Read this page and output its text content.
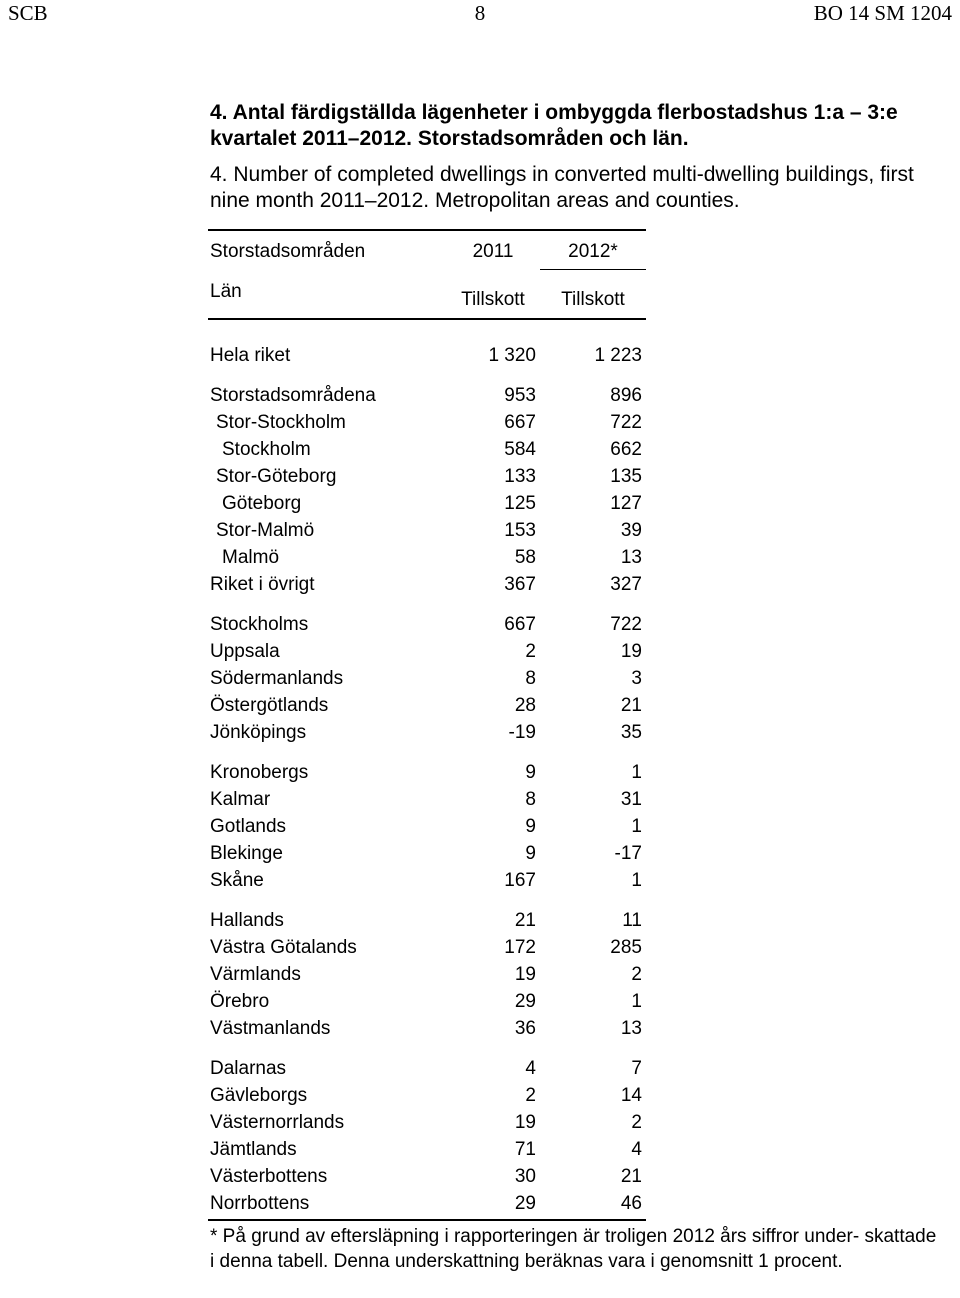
8
SCB	BO 14 SM 1204
4. Antal färdigställda lägenheter i ombyggda flerbostadshus 1:a – 3:e kvartalet 2011–2012. Storstadsområden och län.
4. Number of completed dwellings in converted multi-dwelling buildings, first nine month 2011–2012. Metropolitan areas and counties.
Storstadsområden	2011	2012*
Län	Tillskott	Tillskott
Hela riket	1 320	1 223
Storstadsområdena	953	896
Stor-Stockholm	667	722
Stockholm	584	662
Stor-Göteborg	133	135
Göteborg	125	127
Stor-Malmö	153	39
Malmö	58	13
Riket i övrigt	367	327
Stockholms	667	722
Uppsala	2	19
Södermanlands	8	3
Östergötlands	28	21
Jönköpings	-19	35
Kronobergs	9	1
Kalmar	8	31
Gotlands	9	1
Blekinge	9	-17
Skåne	167	1
Hallands	21	11
Västra Götalands	172	285
Värmlands	19	2
Örebro	29	1
Västmanlands	36	13
Dalarnas	4	7
Gävleborgs	2	14
Västernorrlands	19	2
Jämtlands	71	4
Västerbottens	30	21
Norrbottens	29	46
* På grund av eftersläpning i rapporteringen är troligen 2012 års siffror under- skattade i denna tabell. Denna underskattning beräknas vara i genomsnitt 1 procent.
